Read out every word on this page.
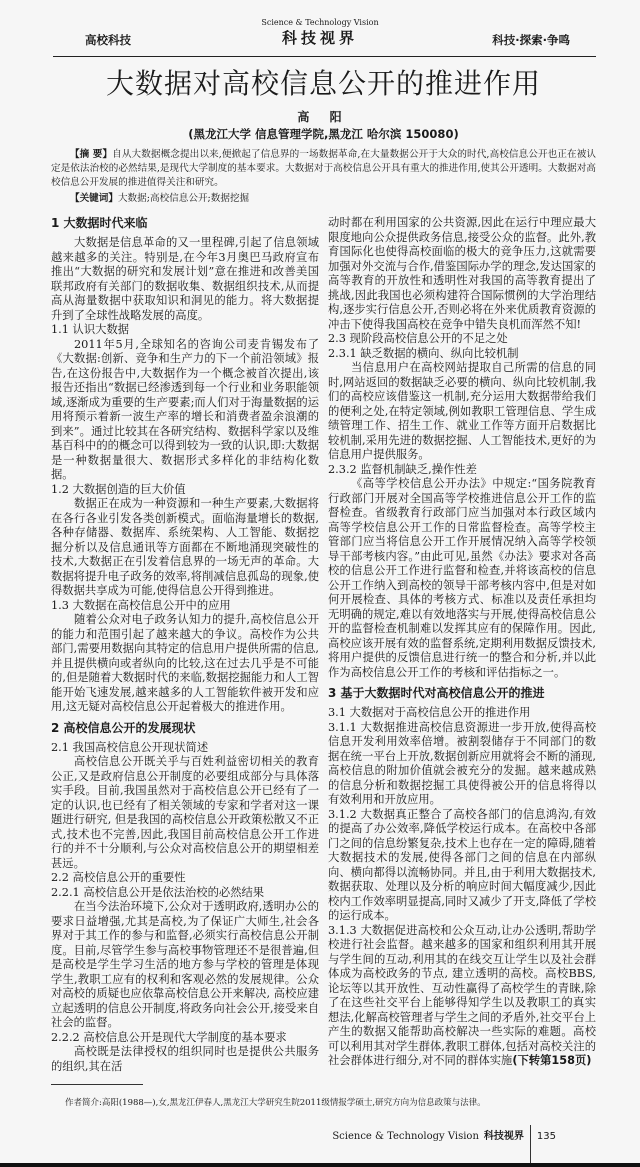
高校科技
Science & Technology Vision
科技视界	科技·探索·争鸣
大数据对高校信息公开的推进作用
高 阳
(黑龙江大学 信息管理学院,黑龙江 哈尔滨 150080)
【摘 要】自从大数据概念提出以来,便掀起了信息界的一场数据革命,在大量数据公开于大众的时代,高校信息公开也正在被认定是依法治校的必然结果,是现代大学制度的基本要求。大数据对于高校信息公开具有重大的推进作用,使其公开透明。大数据对高校信息公开发展的推进值得关注和研究。
【关键词】大数据;高校信息公开;数据挖掘
1 大数据时代来临

大数据是信息革命的又一里程碑,引起了信息领域越来越多的关注。特别是,在今年3月奥巴马政府宣布推出“大数据的研究和发展计划”意在推进和改善美国联邦政府有关部门的数据收集、数据组织技术,从而提高从海量数据中获取知识和洞见的能力。将大数据提升到了全球性战略发展的高度。

1.1 认识大数据

2011年5月,全球知名的咨询公司麦肯锡发布了《大数据:创新、竞争和生产力的下一个前沿领域》报告,在这份报告中,大数据作为一个概念被首次提出,该报告还指出“数据已经渗透到每一个行业和业务职能领域,逐渐成为重要的生产要素;而人们对于海量数据的运用将预示着新一波生产率的增长和消费者盈余浪潮的到来”。通过比较其在各研究结构、数据科学家以及维基百科中的的概念可以得到较为一致的认识,即:大数据是一种数据量很大、数据形式多样化的非结构化数据。

1.2 大数据创造的巨大价值

数据正在成为一种资源和一种生产要素,大数据将在各行各业引发各类创新模式。面临海量增长的数据,各种存储器、数据库、系统架构、人工智能、数据挖掘分析以及信息通讯等方面都在不断地涌现突破性的技术,大数据正在引发着信息界的一场无声的革命。大数据将提升电子政务的效率,将削减信息孤岛的现象,使得数据共享成为可能,使得信息公开得到推进。

1.3 大数据在高校信息公开中的应用

随着公众对电子政务认知力的提升,高校信息公开的能力和范围引起了越来越大的争议。高校作为公共部门,需要用数据向其特定的信息用户提供所需的信息,并且提供横向或者纵向的比较,这在过去几乎是不可能的,但是随着大数据时代的来临,数据挖掘能力和人工智能开始飞速发展,越来越多的人工智能软件被开发和应用,这无疑对高校信息公开起着极大的推进作用。

2 高校信息公开的发展现状
2.1 我国高校信息公开现状简述

高校信息公开既关乎与百姓利益密切相关的教育公正,又是政府信息公开制度的必要组成部分与具体落实手段。目前,我国虽然对于高校信息公开已经有了一定的认识,也已经有了相关领域的专家和学者对这一课题进行研究, 但是我国的高校信息公开政策松散又不正式,技术也不完善,因此,我国目前高校信息公开工作进行的并不十分顺利,与公众对高校信息公开的期望相差甚远。

2.2 高校信息公开的重要性
2.2.1 高校信息公开是依法治校的必然结果

在当今法治环境下,公众对于透明政府,透明办公的要求日益增强,尤其是高校,为了保证广大师生,社会各界对于其工作的参与和监督,必须实行高校信息公开制度。目前,尽管学生参与高校事物管理还不是很普遍,但是高校是学生学习生活的地方参与学校的管理是体现学生,教职工应有的权利和客观必然的发展规律。公众对高校的质疑也应依靠高校信息公开来解决, 高校应建立起透明的信息公开制度,将政务向社会公开,接受来自社会的监督。

2.2.2 高校信息公开是现代大学制度的基本要求

高校既是法律授权的组织同时也是提供公共服务的组织,其在活

动时都在利用国家的公共资源,因此在运行中理应最大限度地向公众提供政务信息,接受公众的监督。此外,教育国际化也使得高校面临的极大的竞争压力,这就需要加强对外交流与合作,借鉴国际办学的理念,发达国家的高等教育的开放性和透明性对我国的高等教育提出了挑战,因此我国也必须构建符合国际惯例的大学治理结构,逐步实行信息公开,否则必将在外来优质教育资源的冲击下使得我国高校在竞争中错失良机而浑然不知!

2.3 现阶段高校信息公开的不足之处
2.3.1 缺乏数据的横向、纵向比较机制

当信息用户在高校网站提取自己所需的信息的同时,网站返回的数据缺乏必要的横向、纵向比较机制,我们的高校应该借鉴这一机制,充分运用大数据带给我们的便利之处,在特定领域,例如教职工管理信息、学生成绩管理工作、招生工作、就业工作等方面开启数据比较机制,采用先进的数据挖掘、人工智能技术,更好的为信息用户提供服务。

2.3.2 监督机制缺乏,操作性差

《高等学校信息公开办法》中规定:“国务院教育行政部门开展对全国高等学校推进信息公开工作的监督检查。省级教育行政部门应当加强对本行政区域内高等学校信息公开工作的日常监督检查。高等学校主管部门应当将信息公开工作开展情况纳入高等学校领导干部考核内容。”由此可见,虽然《办法》要求对各高校的信息公开工作进行监督和检查,并将该高校的信息公开工作纳入到高校的领导干部考核内容中,但是对如何开展检查、具体的考核方式、标准以及责任承担均无明确的规定,难以有效地落实与开展,使得高校信息公开的监督检查机制难以发挥其应有的保障作用。因此,高校应该开展有效的监督系统,定期利用数据反馈技术,将用户提供的反馈信息进行统一的整合和分析,并以此作为高校信息公开工作的考核和评估指标之一。

3 基于大数据时代对高校信息公开的推进
3.1 大数据对于高校信息公开的推进作用

3.1.1 大数据推进高校信息资源进一步开放,使得高校信息开发利用效率倍增。被割裂储存于不同部门的数据在统一平台上开放,数据创新应用就将会不断的涌现,高校信息的附加价值就会被充分的发掘。越来越成熟的信息分析和数据挖掘工具使得被公开的信息将得以有效利用和开放应用。

3.1.2 大数据真正整合了高校各部门的信息鸿沟,有效的提高了办公效率,降低学校运行成本。在高校中各部门之间的信息纷繁复杂,技术上也存在一定的障碍,随着大数据技术的发展,使得各部门之间的信息在内部纵向、横向都得以流畅协同。并且,由于利用大数据技术,数据获取、处理以及分析的响应时间大幅度减少,因此校内工作效率明显提高,同时又减少了开支,降低了学校的运行成本。

3.1.3 大数据促进高校和公众互动,让办公透明,帮助学校进行社会监督。越来越多的国家和组织利用其开展与学生间的互动,利用其的在线交互让学生以及社会群体成为高校政务的节点, 建立透明的高校。高校BBS,论坛等以其开放性、互动性赢得了高校学生的青睐,除了在这些社交平台上能够得知学生以及教职工的真实想法,化解高校管理者与学生之间的矛盾外,社交平台上产生的数据又能帮助高校解决一些实际的难题。高校可以利用其对学生群体,教职工群体,包括对高校关注的社会群体进行细分,对不同的群体实施(下转第158页)

作者简介:高阳(1988—),女,黑龙江伊春人,黑龙江大学研究生院2011级情报学硕士,研究方向为信息政策与法律。
Science & Technology Vision 科技视界 135
